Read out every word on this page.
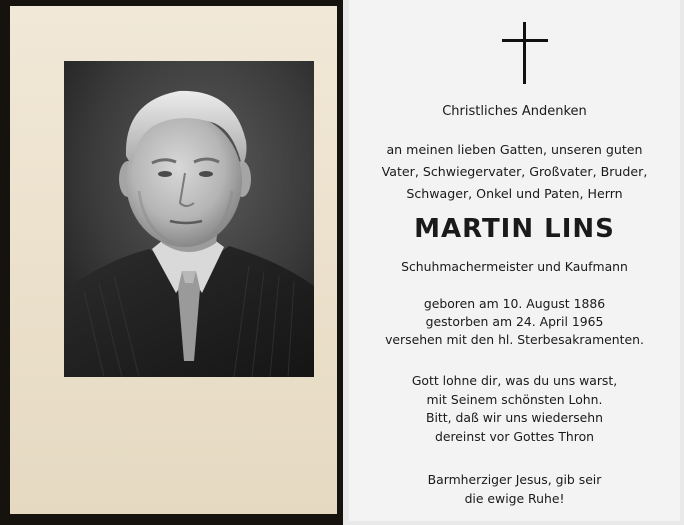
Christliches Andenken
an meinen lieben Gatten, unseren guten
Vater, Schwiegervater, Großvater, Bruder,
Schwager, Onkel und Paten, Herrn
MARTIN LINS
Schuhmachermeister und Kaufmann
geboren am 10. August 1886
gestorben am 24. April 1965
versehen mit den hl. Sterbesakramenten.
Gott lohne dir, was du uns warst,
mit Seinem schönsten Lohn.
Bitt, daß wir uns wiedersehn
dereinst vor Gottes Thron
Barmherziger Jesus, gib seir
die ewige Ruhe!
